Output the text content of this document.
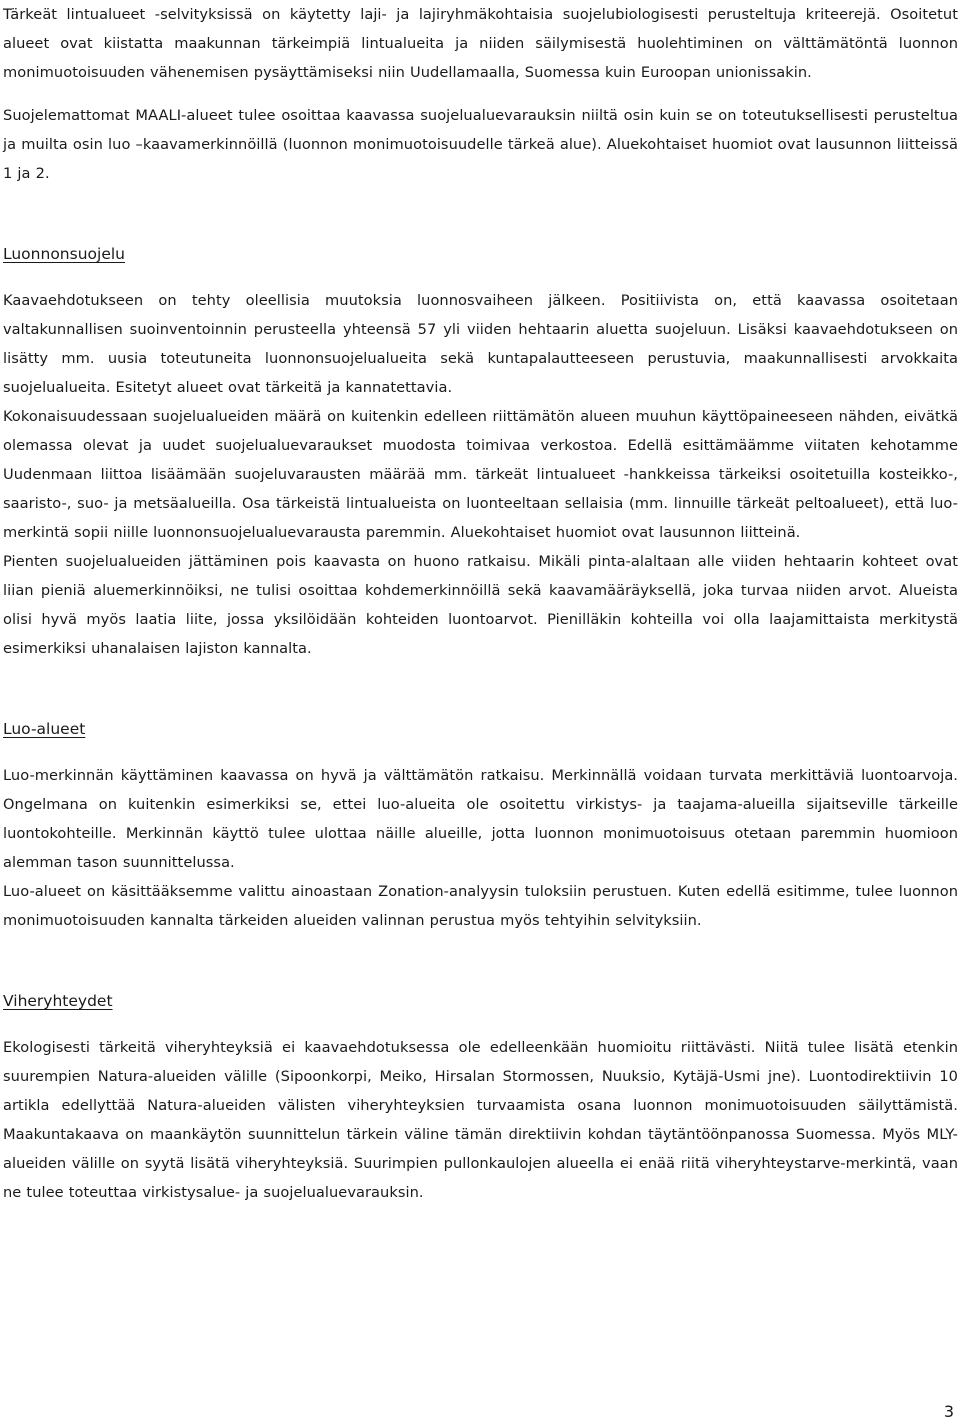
Tärkeät lintualueet -selvityksissä on käytetty laji- ja lajiryhmäkohtaisia suojelubiologisesti perusteltuja kriteerejä. Osoitetut alueet ovat kiistatta maakunnan tärkeimpiä lintualueita ja niiden säilymisestä huolehtiminen on välttämätöntä luonnon monimuotoisuuden vähenemisen pysäyttämiseksi niin Uudellamaalla, Suomessa kuin Euroopan unionissakin.

Suojelemattomat MAALI-alueet tulee osoittaa kaavassa suojelualuevarauksin niiltä osin kuin se on toteutuksellisesti perusteltua ja muilta osin luo –kaavamerkinnöillä (luonnon monimuotoisuudelle tärkeä alue). Aluekohtaiset huomiot ovat lausunnon liitteissä 1 ja 2.

Luonnonsuojelu

Kaavaehdotukseen on tehty oleellisia muutoksia luonnosvaiheen jälkeen. Positiivista on, että kaavassa osoitetaan valtakunnallisen suoinventoinnin perusteella yhteensä 57 yli viiden hehtaarin aluetta suojeluun. Lisäksi kaavaehdotukseen on lisätty mm. uusia toteutuneita luonnonsuojelualueita sekä kuntapalautteeseen perustuvia, maakunnallisesti arvokkaita suojelualueita. Esitetyt alueet ovat tärkeitä ja kannatettavia.

Kokonaisuudessaan suojelualueiden määrä on kuitenkin edelleen riittämätön alueen muuhun käyttöpaineeseen nähden, eivätkä olemassa olevat ja uudet suojelualuevaraukset muodosta toimivaa verkostoa. Edellä esittämäämme viitaten kehotamme Uudenmaan liittoa lisäämään suojeluvarausten määrää mm. tärkeät lintualueet -hankkeissa tärkeiksi osoitetuilla kosteikko-, saaristo-, suo- ja metsäalueilla. Osa tärkeistä lintualueista on luonteeltaan sellaisia (mm. linnuille tärkeät peltoalueet), että luo-merkintä sopii niille luonnonsuojelualuevarausta paremmin. Aluekohtaiset huomiot ovat lausunnon liitteinä.

Pienten suojelualueiden jättäminen pois kaavasta on huono ratkaisu. Mikäli pinta-alaltaan alle viiden hehtaarin kohteet ovat liian pieniä aluemerkinnöiksi, ne tulisi osoittaa kohdemerkinnöillä sekä kaavamääräyksellä, joka turvaa niiden arvot. Alueista olisi hyvä myös laatia liite, jossa yksilöidään kohteiden luontoarvot. Pienilläkin kohteilla voi olla laajamittaista merkitystä esimerkiksi uhanalaisen lajiston kannalta.

Luo-alueet

Luo-merkinnän käyttäminen kaavassa on hyvä ja välttämätön ratkaisu. Merkinnällä voidaan turvata merkittäviä luontoarvoja. Ongelmana on kuitenkin esimerkiksi se, ettei luo-alueita ole osoitettu virkistys- ja taajama-alueilla sijaitseville tärkeille luontokohteille. Merkinnän käyttö tulee ulottaa näille alueille, jotta luonnon monimuotoisuus otetaan paremmin huomioon alemman tason suunnittelussa.

Luo-alueet on käsittääksemme valittu ainoastaan Zonation-analyysin tuloksiin perustuen. Kuten edellä esitimme, tulee luonnon monimuotoisuuden kannalta tärkeiden alueiden valinnan perustua myös tehtyihin selvityksiin.

Viheryhteydet

Ekologisesti tärkeitä viheryhteyksiä ei kaavaehdotuksessa ole edelleenkään huomioitu riittävästi. Niitä tulee lisätä etenkin suurempien Natura-alueiden välille (Sipoonkorpi, Meiko, Hirsalan Stormossen, Nuuksio, Kytäjä-Usmi jne). Luontodirektiivin 10 artikla edellyttää Natura-alueiden välisten viheryhteyksien turvaamista osana luonnon monimuotoisuuden säilyttämistä. Maakuntakaava on maankäytön suunnittelun tärkein väline tämän direktiivin kohdan täytäntöönpanossa Suomessa. Myös MLY-alueiden välille on syytä lisätä viheryhteyksiä. Suurimpien pullonkaulojen alueella ei enää riitä viheryhteystarve-merkintä, vaan ne tulee toteuttaa virkistysalue- ja suojelualuevarauksin.

3
